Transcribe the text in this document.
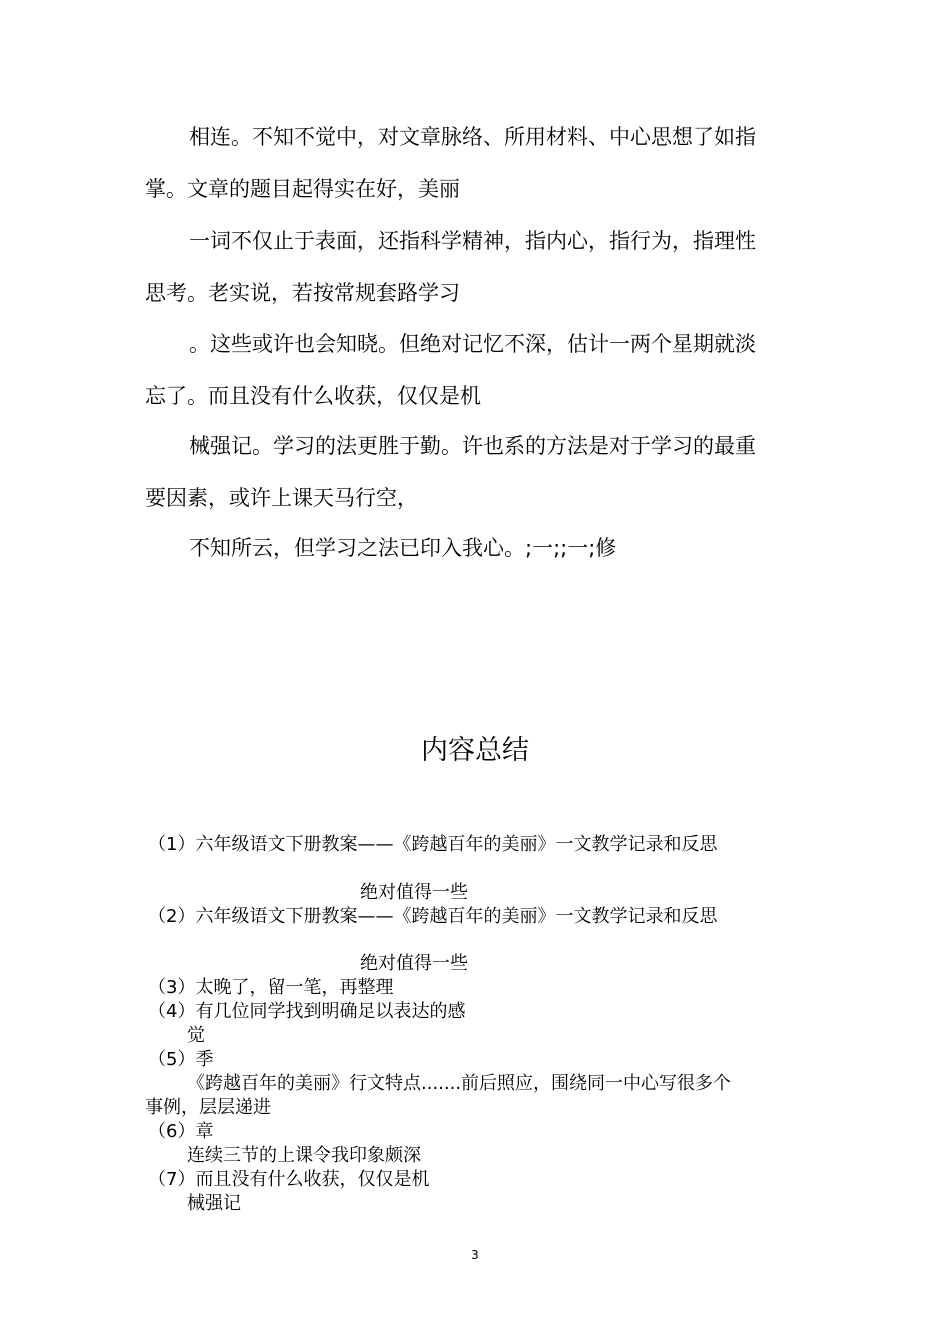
相连。不知不觉中，对文章脉络、所用材料、中心思想了如指
掌。文章的题目起得实在好，美丽

一词不仅止于表面，还指科学精神，指内心，指行为，指理性
思考。老实说，若按常规套路学习

。这些或许也会知晓。但绝对记忆不深，估计一两个星期就淡
忘了。而且没有什么收获，仅仅是机

械强记。学习的法更胜于勤。许也系的方法是对于学习的最重
要因素，或许上课天马行空，

不知所云，但学习之法已印入我心。;一;;一;修

内容总结
（1）六年级语文下册教案——《跨越百年的美丽》一文教学记录和反思
绝对值得一些
（2）六年级语文下册教案——《跨越百年的美丽》一文教学记录和反思
绝对值得一些
（3）太晚了，留一笔，再整理
（4）有几位同学找到明确足以表达的感
觉
（5）季
《跨越百年的美丽》行文特点.......前后照应，围绕同一中心写很多个
事例，层层递进
（6）章
连续三节的上课令我印象颇深
（7）而且没有什么收获，仅仅是机
械强记
3
